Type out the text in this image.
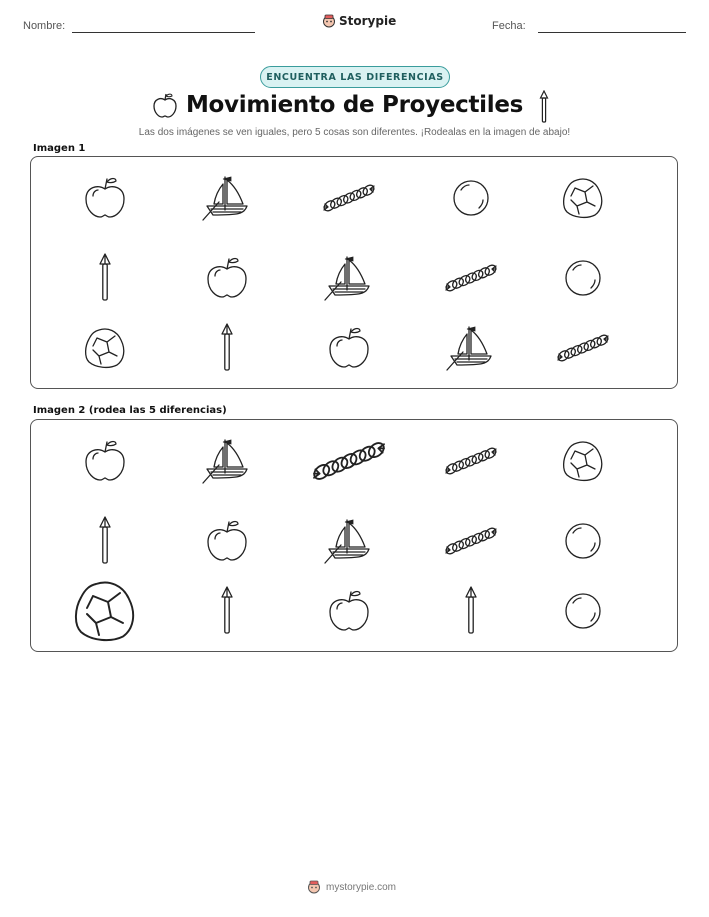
Nombre:	Storypie	Fecha:
ENCUENTRA LAS DIFERENCIAS
Movimiento de Proyectiles
Las dos imágenes se ven iguales, pero 5 cosas son diferentes. ¡Rodealas en la imagen de abajo!
Imagen 1
Imagen 2 (rodea las 5 diferencias)
mystorypie.com
